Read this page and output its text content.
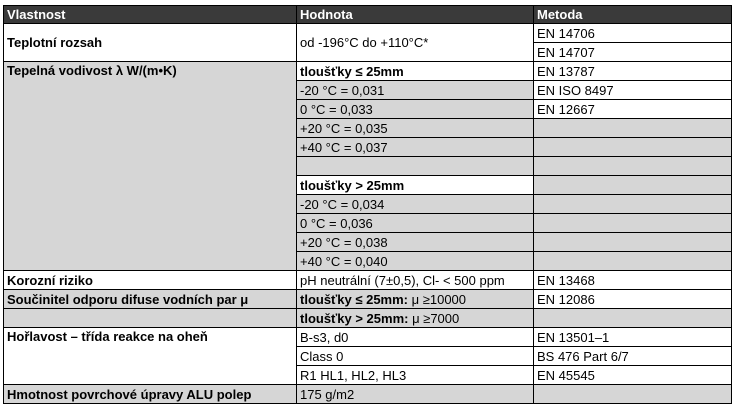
Vlastnost	Hodnota	Metoda
Teplotní rozsah	od -196°C do +110°C*	EN 14706
		EN 14707
Tepelná vodivost λ W/(m•K)	tloušťky ≤ 25mm	EN 13787
	-20 °C = 0,031	EN ISO 8497
	0 °C = 0,033	EN 12667
	+20 °C = 0,035	
	+40 °C = 0,037	

	tloušťky > 25mm	
	-20 °C = 0,034	
	0 °C = 0,036	
	+20 °C = 0,038	
	+40 °C = 0,040	
Korozní riziko	pH neutrální (7±0,5), Cl- < 500 ppm	EN 13468
Součinitel odporu difuse vodních par μ	tloušťky ≤ 25mm: μ ≥10000	EN 12086
	tloušťky > 25mm: μ ≥7000	
Hořlavost – třída reakce na oheň	B-s3, d0	EN 13501–1
	Class 0	BS 476 Part 6/7
	R1 HL1, HL2, HL3	EN 45545
Hmotnost povrchové úpravy ALU polep	175 g/m2	
